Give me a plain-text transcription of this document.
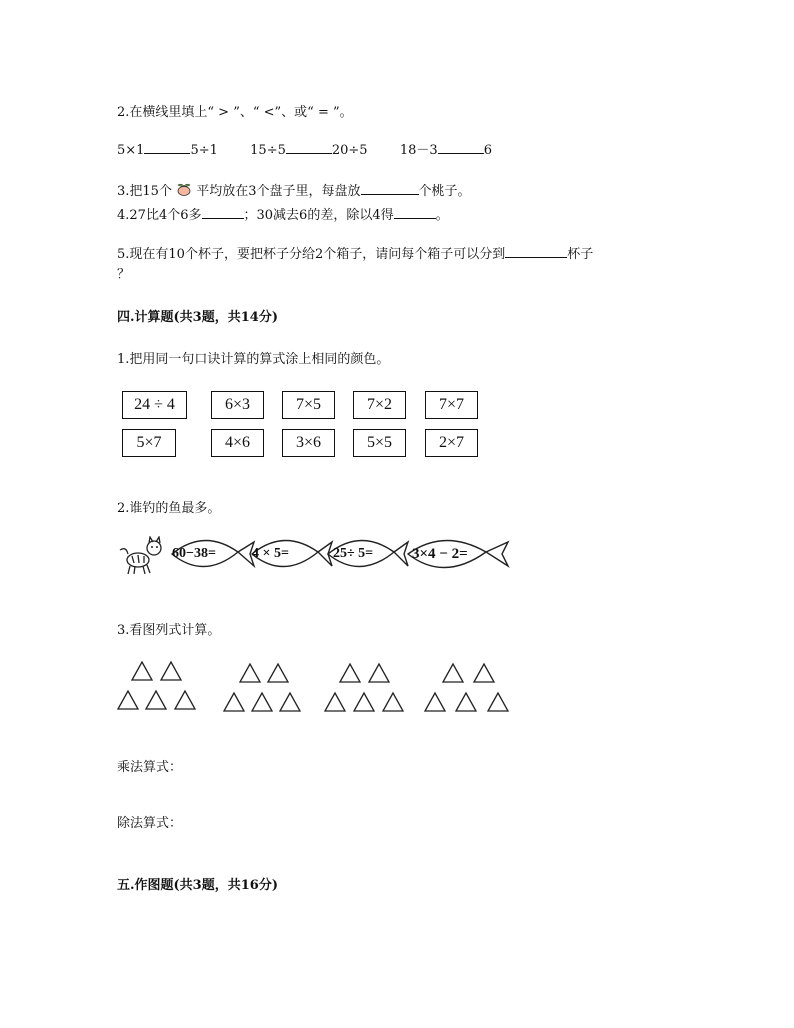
2.在横线里填上“ > ”、“ <”、或“ = ”。
5×1	5÷1 15÷5	20÷5 18－3	6
3.把15个 平均放在3个盘子里，每盘放	个桃子。
4.27比4个6多	；30减去6的差，除以4得	。
5.现在有10个杯子，要把杯子分给2个箱子，请问每个箱子可以分到	杯子
？
四.计算题(共3题，共14分)
1.把用同一句口诀计算的算式涂上相同的颜色。
24 ÷ 4	6×3	7×5	7×2	7×7
5×7	4×6	3×6	5×5	2×7
2.谁钓的鱼最多。
60−38=	4 × 5=	25÷ 5=	3×4 − 2=
3.看图列式计算。
乘法算式：
除法算式：
五.作图题(共3题，共16分)
